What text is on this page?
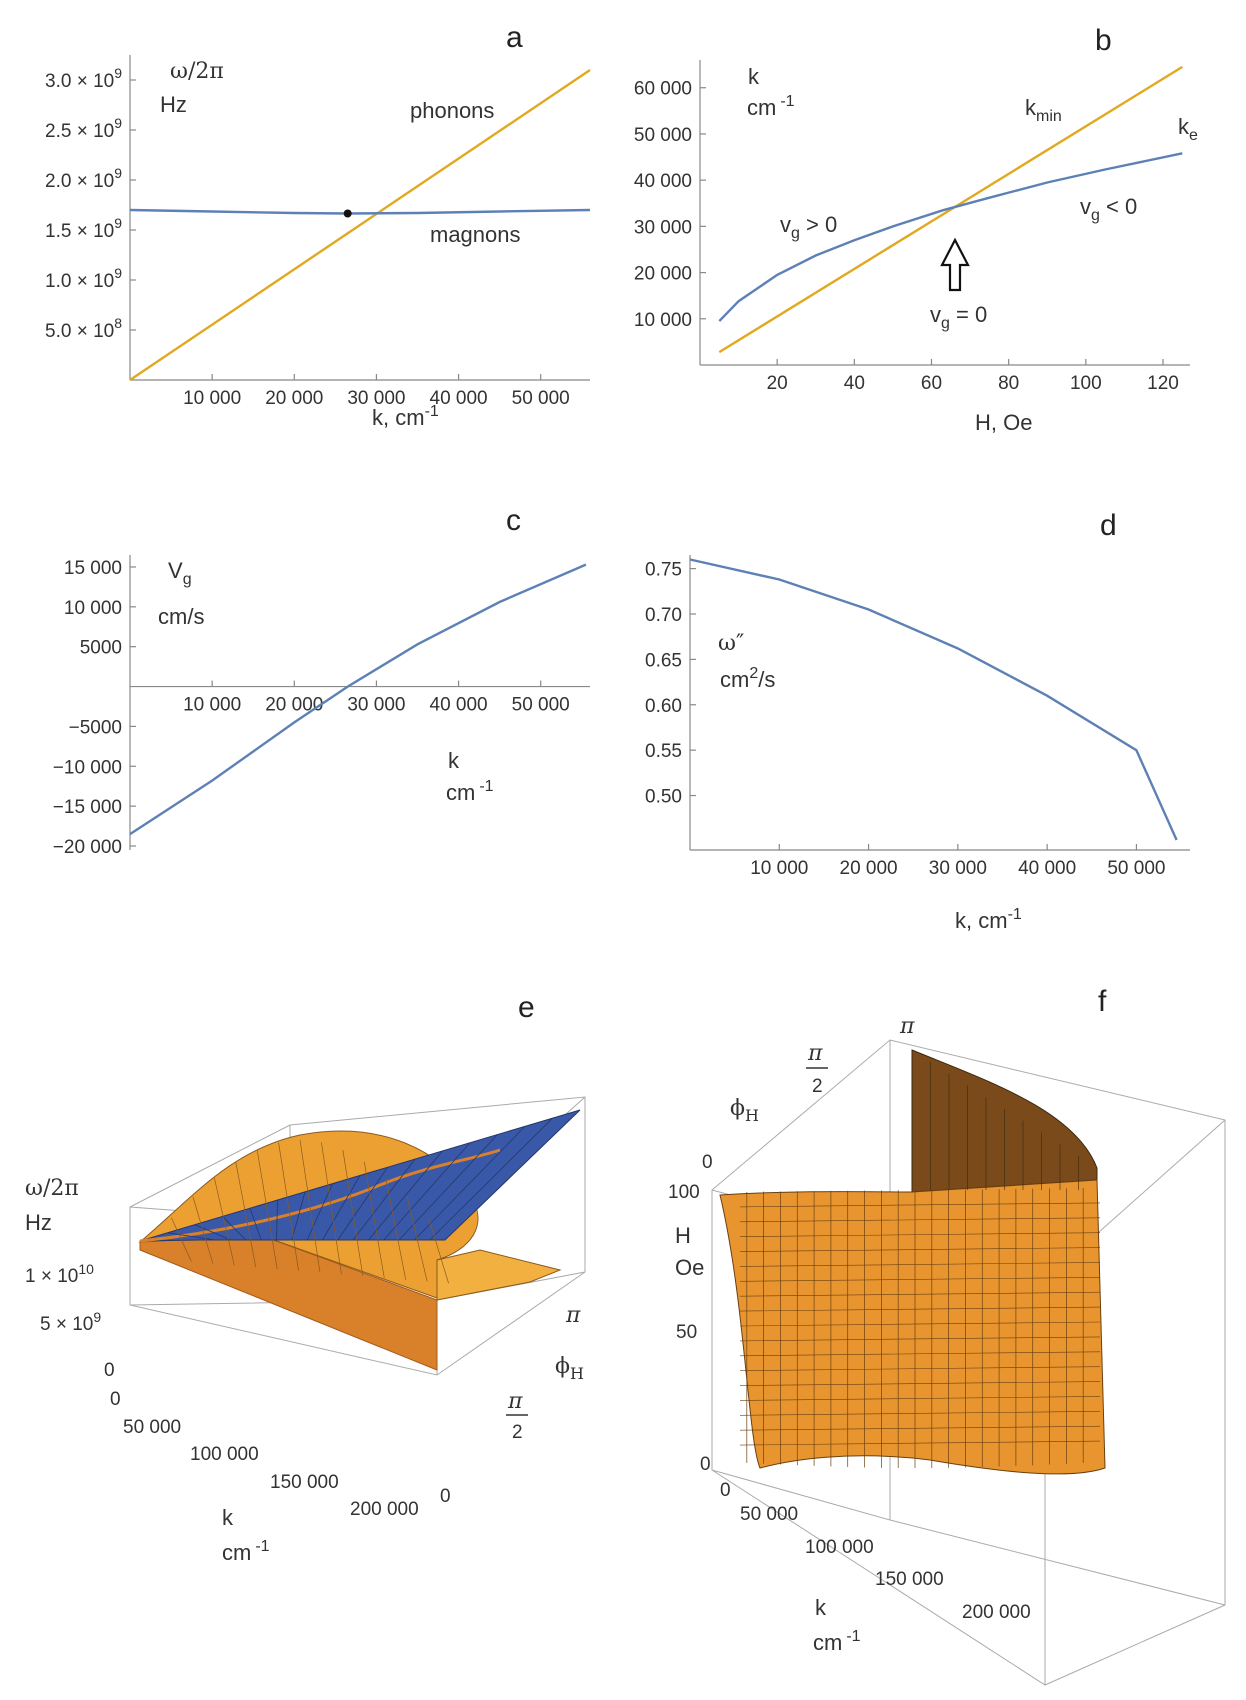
a
10 000 20 000 30 000 40 000 50 000
$5.0 \times 10^8$
$1.0 \times 10^9$
$1.5 \times 10^9$
$2.0 \times 10^9$
$2.5 \times 10^9$
$3.0 \times 10^9$ ω/2π
Hz
k, $cm^{-1}$
phonons
magnons
b
20	40	60	80	100 120
10 000
20 000
30 000
40 000
50 000
60 000
k
cm $^{-1}$
H, Oe
$k_{min}$	$k_e$
$v_g > 0$
$v_g < 0$
$v_g = 0$
c
10 000 20 000 30 000 40 000 50 000
15 000
10 000
5000
−5000
−10 000
−15 000
−20 000
$V_g$
cm/s
k
cm $^{-1}$
d
10 000 20 000 30 000 40 000 50 000
0.50
0.55
0.60
0.65
0.70
0.75
ω″
$cm^2/s$
k, $cm^{-1}$
e
ω/2π
Hz
$1 \times 10^{10}$
$5 \times 10^9$
0
0
50 000
100 000
150 000
200 000
0
π
2
π
$\phi_H$
k
cm $^{-1}$
f
π
π
2
$\phi_H$
0
100
H
Oe
50
0
0
50 000
100 000
150 000
200 000
k
cm $^{-1}$
